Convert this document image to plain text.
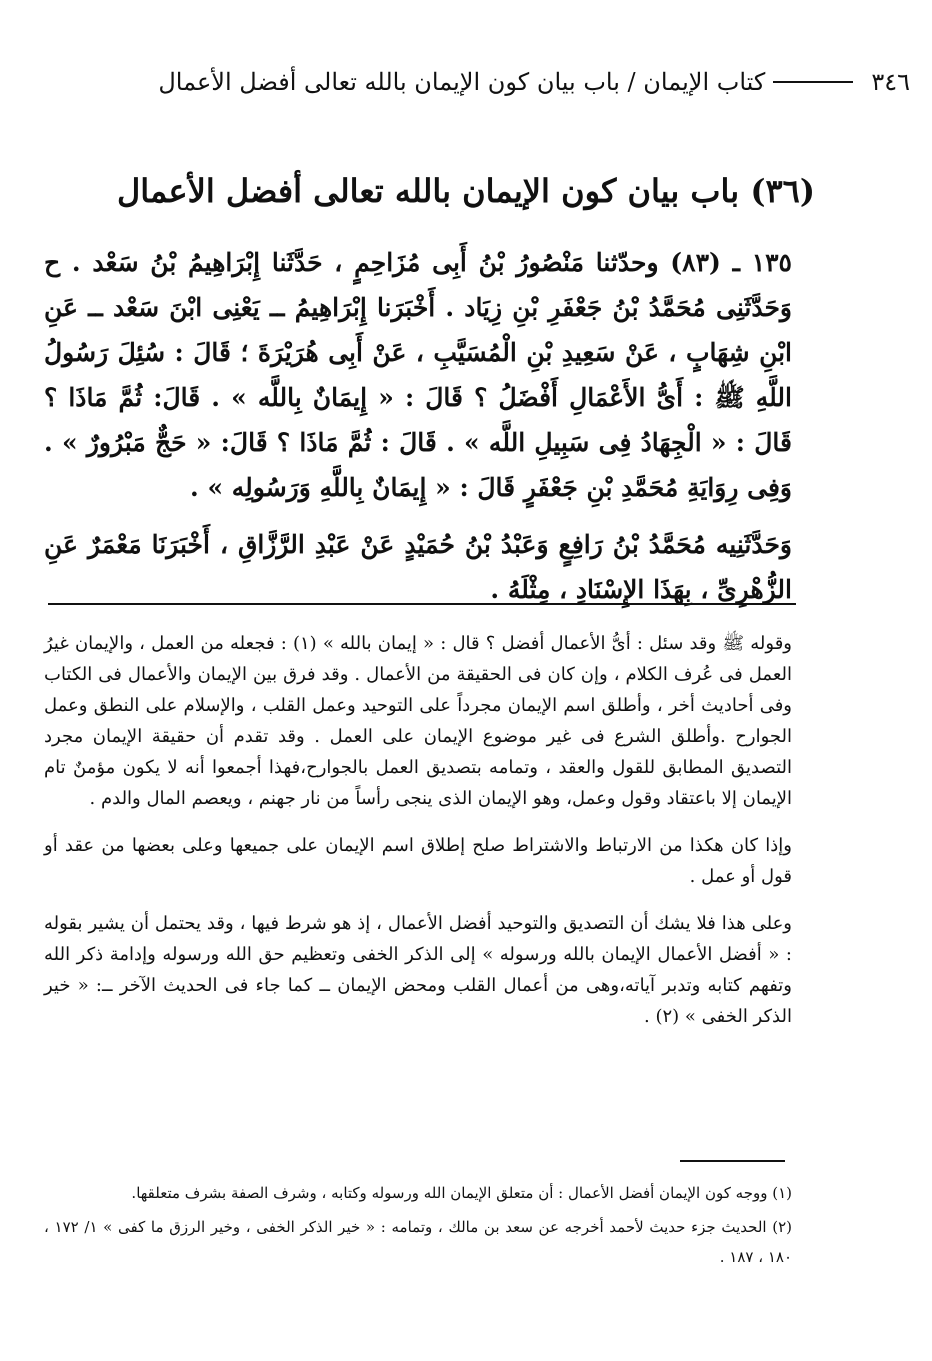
٣٤٦
كتاب الإيمان / باب بيان كون الإيمان بالله تعالى أفضل الأعمال
(٣٦) باب بيان كون الإيمان بالله تعالى أفضل الأعمال

١٣٥ ـ (٨٣) وحدّثنا مَنْصُورُ بْنُ أَبِى مُزَاحِمٍ ، حَدَّثَنا إِبْرَاهِيمُ بْنُ سَعْد . ح وَحَدَّثَنِى مُحَمَّدُ بْنُ جَعْفَرِ بْنِ زِيَاد . أَخْبَرَنا إِبْرَاهِيمُ ــ يَعْنِى ابْنَ سَعْد ــ عَنِ ابْنِ شِهَابٍ ، عَنْ سَعِيدِ بْنِ الْمُسَيَّبِ ، عَنْ أَبِى هُرَيْرَةَ ؛ قَالَ : سُئِلَ رَسُولُ اللَّهِ ﷺ : أَىُّ الأَعْمَالِ أَفْضَلُ ؟ قَالَ : « إِيمَانٌ بِاللَّه » . قَالَ: ثُمَّ مَاذَا ؟ قَالَ : « الْجِهَادُ فِى سَبِيلِ اللَّه » . قَالَ : ثُمَّ مَاذَا ؟ قَالَ: « حَجٌّ مَبْرُورٌ » . وَفِى رِوَايَةِ مُحَمَّدِ بْنِ جَعْفَرٍ قَالَ : « إِيمَانٌ بِاللَّهِ وَرَسُولِه » .

وَحَدَّثَنِيه مُحَمَّدُ بْنُ رَافِعٍ وَعَبْدُ بْنُ حُمَيْدٍ عَنْ عَبْدِ الرَّزَّاقِ ، أَخْبَرَنَا مَعْمَرٌ عَنِ الزُّهْرِىِّ ، بِهَذَا الإِسْنَادِ ، مِثْلَهُ .

وقوله ﷺ وقد سئل : أىُّ الأعمال أفضل ؟ قال : « إيمان بالله » (١) : فجعله من العمل ، والإيمان غيرُ العمل فى عُرف الكلام ، وإن كان فى الحقيقة من الأعمال . وقد فرق بين الإيمان والأعمال فى الكتاب وفى أحاديث أخر ، وأطلق اسم الإيمان مجرداً على التوحيد وعمل القلب ، والإسلام على النطق وعمل الجوارح .وأطلق الشرع فى غير موضوع الإيمان على العمل . وقد تقدم أن حقيقة الإيمان مجرد التصديق المطابق للقول والعقد ، وتمامه بتصديق العمل بالجوارح،فهذا أجمعوا أنه لا يكون مؤمنٌ تام الإيمان إلا باعتقاد وقول وعمل، وهو الإيمان الذى ينجى رأساً من نار جهنم ، ويعصم المال والدم .

وإذا كان هكذا من الارتباط والاشتراط صلح إطلاق اسم الإيمان على جميعها وعلى بعضها من عقد أو قول أو عمل .

وعلى هذا فلا يشك أن التصديق والتوحيد أفضل الأعمال ، إذ هو شرط فيها ، وقد يحتمل أن يشير بقوله : « أفضل الأعمال الإيمان بالله ورسوله » إلى الذكر الخفى وتعظيم حق الله ورسوله وإدامة ذكر الله وتفهم كتابه وتدبر آياته،وهى من أعمال القلب ومحض الإيمان ــ كما جاء فى الحديث الآخر ــ: « خير الذكر الخفى » (٢) .

(١) ووجه كون الإيمان أفضل الأعمال : أن متعلق الإيمان الله ورسوله وكتابه ، وشرف الصفة بشرف متعلقها.

(٢) الحديث جزء حديث لأحمد أخرجه عن سعد بن مالك ، وتمامه : « خير الذكر الخفى ، وخير الرزق ما كفى » ١/ ١٧٢ ، ١٨٠ ، ١٨٧ .
